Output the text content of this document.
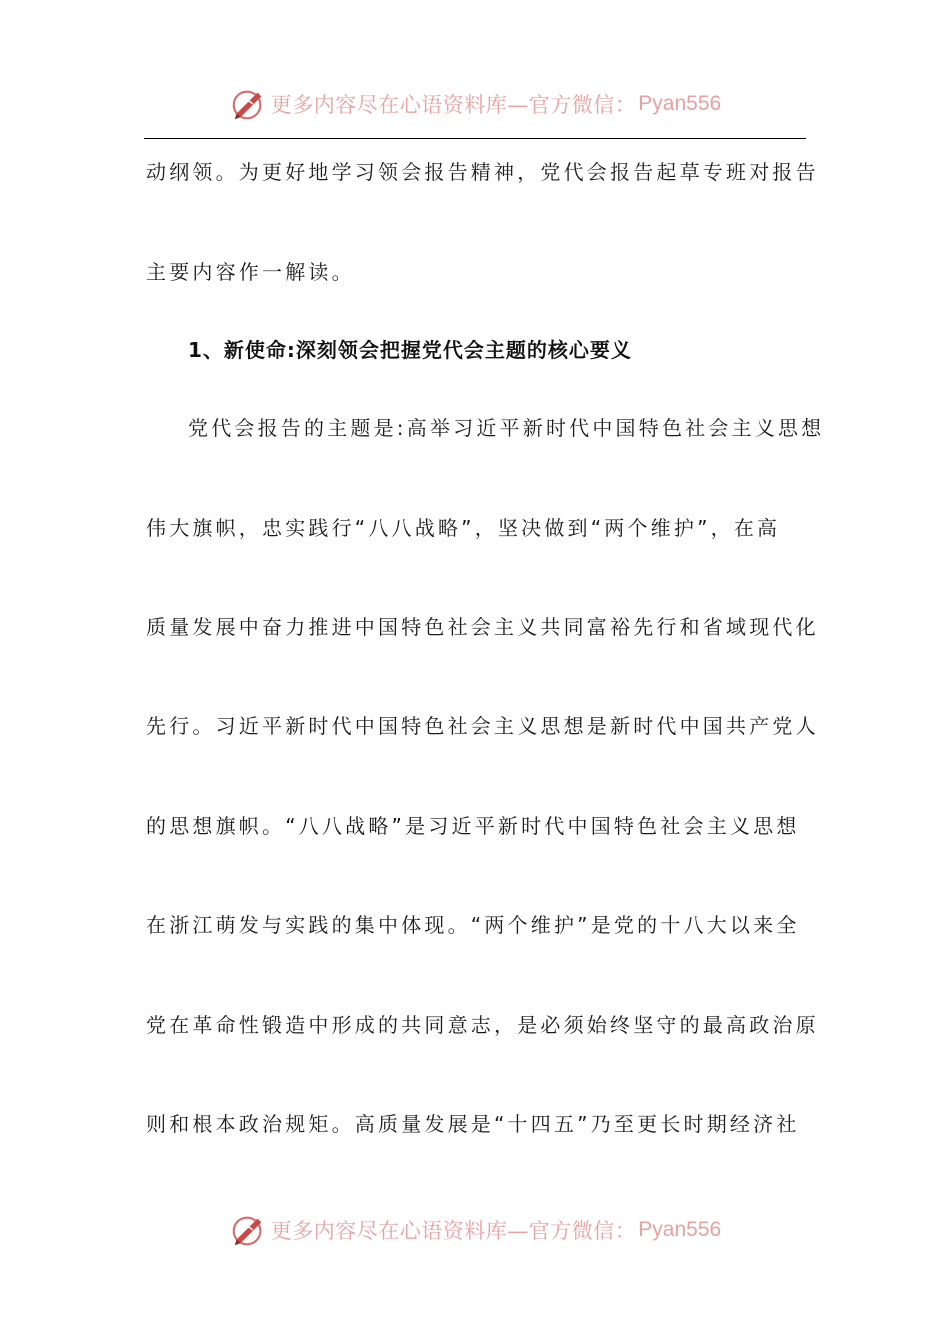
更多内容尽在心语资料库—官方微信： Pyan556
动纲领。为更好地学习领会报告精神，党代会报告起草专班对报告
主要内容作一解读。
1、新使命:深刻领会把握党代会主题的核心要义
党代会报告的主题是:高举习近平新时代中国特色社会主义思想
伟大旗帜，忠实践行“八八战略”，坚决做到“两个维护”，在高
质量发展中奋力推进中国特色社会主义共同富裕先行和省域现代化
先行。习近平新时代中国特色社会主义思想是新时代中国共产党人
的思想旗帜。“八八战略”是习近平新时代中国特色社会主义思想
在浙江萌发与实践的集中体现。“两个维护”是党的十八大以来全
党在革命性锻造中形成的共同意志，是必须始终坚守的最高政治原
则和根本政治规矩。高质量发展是“十四五”乃至更长时期经济社
更多内容尽在心语资料库—官方微信： Pyan556
